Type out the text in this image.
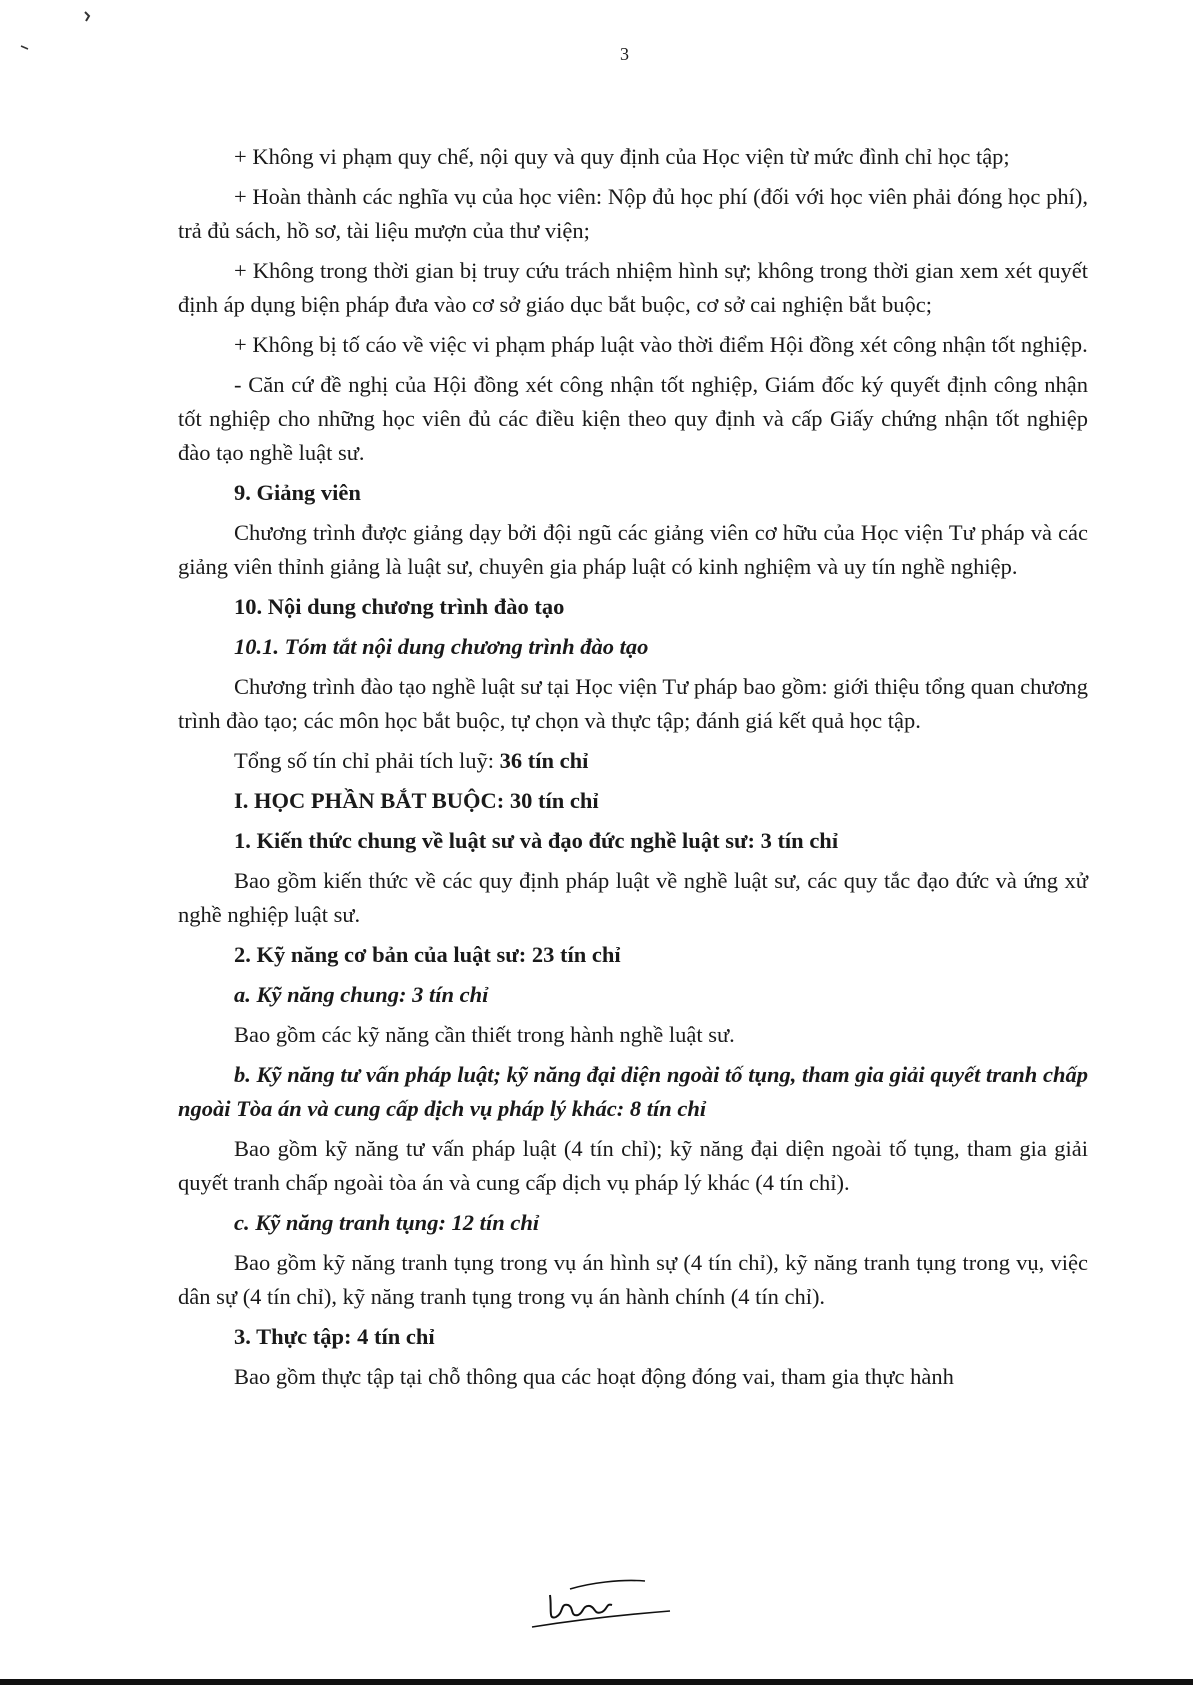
3

+ Không vi phạm quy chế, nội quy và quy định của Học viện từ mức đình chỉ học tập;

+ Hoàn thành các nghĩa vụ của học viên: Nộp đủ học phí (đối với học viên phải đóng học phí), trả đủ sách, hồ sơ, tài liệu mượn của thư viện;

+ Không trong thời gian bị truy cứu trách nhiệm hình sự; không trong thời gian xem xét quyết định áp dụng biện pháp đưa vào cơ sở giáo dục bắt buộc, cơ sở cai nghiện bắt buộc;

+ Không bị tố cáo về việc vi phạm pháp luật vào thời điểm Hội đồng xét công nhận tốt nghiệp.

- Căn cứ đề nghị của Hội đồng xét công nhận tốt nghiệp, Giám đốc ký quyết định công nhận tốt nghiệp cho những học viên đủ các điều kiện theo quy định và cấp Giấy chứng nhận tốt nghiệp đào tạo nghề luật sư.

9. Giảng viên

Chương trình được giảng dạy bởi đội ngũ các giảng viên cơ hữu của Học viện Tư pháp và các giảng viên thỉnh giảng là luật sư, chuyên gia pháp luật có kinh nghiệm và uy tín nghề nghiệp.

10. Nội dung chương trình đào tạo

10.1. Tóm tắt nội dung chương trình đào tạo

Chương trình đào tạo nghề luật sư tại Học viện Tư pháp bao gồm: giới thiệu tổng quan chương trình đào tạo; các môn học bắt buộc, tự chọn và thực tập; đánh giá kết quả học tập.

Tổng số tín chỉ phải tích luỹ: 36 tín chỉ

I. HỌC PHẦN BẮT BUỘC: 30 tín chỉ

1. Kiến thức chung về luật sư và đạo đức nghề luật sư: 3 tín chỉ

Bao gồm kiến thức về các quy định pháp luật về nghề luật sư, các quy tắc đạo đức và ứng xử nghề nghiệp luật sư.

2. Kỹ năng cơ bản của luật sư: 23 tín chỉ

a. Kỹ năng chung: 3 tín chỉ

Bao gồm các kỹ năng cần thiết trong hành nghề luật sư.

b. Kỹ năng tư vấn pháp luật; kỹ năng đại diện ngoài tố tụng, tham gia giải quyết tranh chấp ngoài Tòa án và cung cấp dịch vụ pháp lý khác: 8 tín chỉ

Bao gồm kỹ năng tư vấn pháp luật (4 tín chỉ); kỹ năng đại diện ngoài tố tụng, tham gia giải quyết tranh chấp ngoài tòa án và cung cấp dịch vụ pháp lý khác (4 tín chỉ).

c. Kỹ năng tranh tụng: 12 tín chỉ

Bao gồm kỹ năng tranh tụng trong vụ án hình sự (4 tín chỉ), kỹ năng tranh tụng trong vụ, việc dân sự (4 tín chỉ), kỹ năng tranh tụng trong vụ án hành chính (4 tín chỉ).

3. Thực tập: 4 tín chỉ

Bao gồm thực tập tại chỗ thông qua các hoạt động đóng vai, tham gia thực hành
